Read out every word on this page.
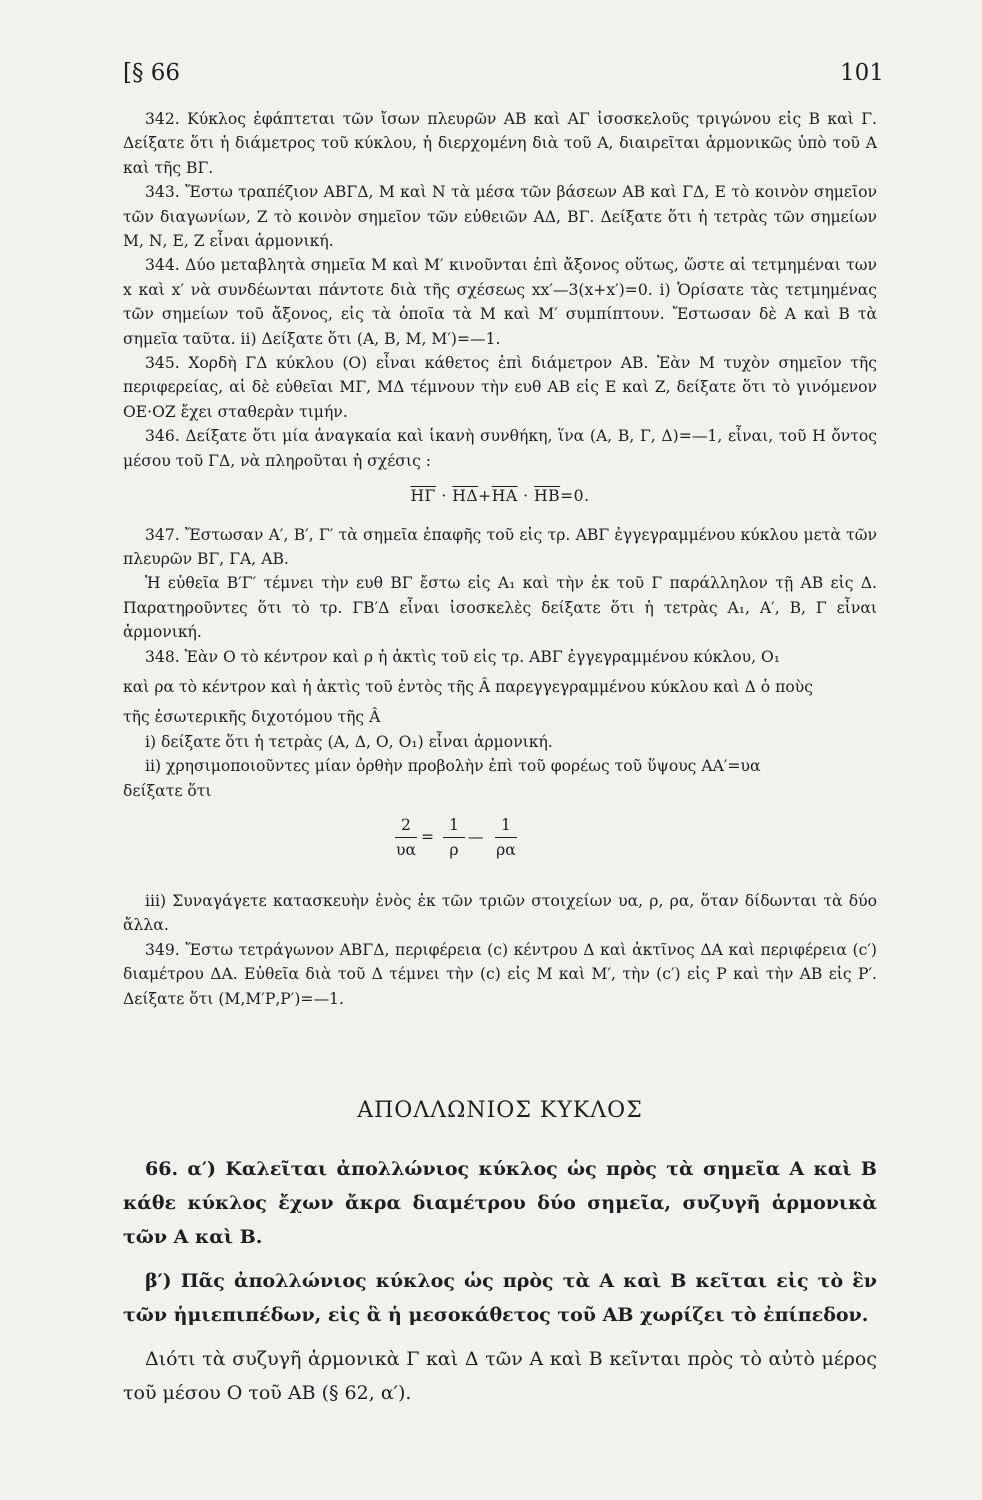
[§ 66	101

342. Κύκλος ἐφάπτεται τῶν ἴσων πλευρῶν ΑΒ καὶ ΑΓ ἰσοσκελοῦς τριγώνου εἰς Β καὶ Γ. Δείξατε ὅτι ἡ διάμετρος τοῦ κύκλου, ἡ διερχομένη διὰ τοῦ Α, διαιρεῖται ἁρμονικῶς ὑπὸ τοῦ Α καὶ τῆς ΒΓ.

343. Ἔστω τραπέζιον ΑΒΓΔ, Μ καὶ Ν τὰ μέσα τῶν βάσεων ΑΒ καὶ ΓΔ, Ε τὸ κοινὸν σημεῖον τῶν διαγωνίων, Ζ τὸ κοινὸν σημεῖον τῶν εὐθειῶν ΑΔ, ΒΓ. Δείξατε ὅτι ἡ τετρὰς τῶν σημείων Μ, Ν, Ε, Ζ εἶναι ἁρμονική.

344. Δύο μεταβλητὰ σημεῖα Μ καὶ Μ′ κινοῦνται ἐπὶ ἄξονος οὕτως, ὥστε αἱ τετμημέναι των x καὶ x′ νὰ συνδέωνται πάντοτε διὰ τῆς σχέσεως xx′—3(x+x′)=0. i) Ὁρίσατε τὰς τετμημένας τῶν σημείων τοῦ ἄξονος, εἰς τὰ ὁποῖα τὰ Μ καὶ Μ′ συμπίπτουν. Ἔστωσαν δὲ Α καὶ Β τὰ σημεῖα ταῦτα. ii) Δείξατε ὅτι (Α, Β, Μ, Μ′)=—1.

345. Χορδὴ ΓΔ κύκλου (Ο) εἶναι κάθετος ἐπὶ διάμετρον ΑΒ. Ἐὰν Μ τυχὸν σημεῖον τῆς περιφερείας, αἱ δὲ εὐθεῖαι ΜΓ, ΜΔ τέμνουν τὴν ευθ ΑΒ εἰς Ε καὶ Ζ, δείξατε ὅτι τὸ γινόμενον ΟΕ·ΟΖ ἔχει σταθερὰν τιμήν.

346. Δείξατε ὅτι μία ἀναγκαία καὶ ἱκανὴ συνθήκη, ἵνα (Α, Β, Γ, Δ)=—1, εἶναι, τοῦ Η ὄντος μέσου τοῦ ΓΔ, νὰ πληροῦται ἡ σχέσις :

$\overline{H\Gamma} \cdot \overline{H\Delta}+\overline{HA} \cdot \overline{HB}=0$.

347. Ἔστωσαν Α′, Β′, Γ′ τὰ σημεῖα ἐπαφῆς τοῦ εἰς τρ. ΑΒΓ ἐγγεγραμμένου κύκλου μετὰ τῶν πλευρῶν ΒΓ, ΓΑ, ΑΒ.

Ἡ εὐθεῖα Β′Γ′ τέμνει τὴν ευθ ΒΓ ἔστω εἰς Α₁ καὶ τὴν ἐκ τοῦ Γ παράλληλον τῇ ΑΒ εἰς Δ. Παρατηροῦντες ὅτι τὸ τρ. ΓΒ′Δ εἶναι ἰσοσκελὲς δείξατε ὅτι ἡ τετρὰς Α₁, Α′, Β, Γ εἶναι ἁρμονική.

348. Ἐὰν Ο τὸ κέντρον καὶ ρ ἡ ἀκτὶς τοῦ εἰς τρ. ΑΒΓ ἐγγεγραμμένου κύκλου, Ο₁

καὶ ρα τὸ κέντρον καὶ ἡ ἀκτὶς τοῦ ἐντὸς τῆς Â παρεγγεγραμμένου κύκλου καὶ Δ ὁ ποὺς

τῆς ἐσωτερικῆς διχοτόμου τῆς Â

i) δείξατε ὅτι ἡ τετρὰς (Α, Δ, Ο, Ο₁) εἶναι ἁρμονική.

ii) χρησιμοποιοῦντες μίαν ὀρθὴν προβολὴν ἐπὶ τοῦ φορέως τοῦ ὕψους ΑΑ′=υα

δείξατε ὅτι

$\frac{2}{\upsilon\alpha} = \frac{1}{\rho}$ — $\frac{1}{\rho\alpha}$

iii) Συναγάγετε κατασκευὴν ἑνὸς ἐκ τῶν τριῶν στοιχείων υα, ρ, ρα, ὅταν δίδωνται τὰ δύο ἄλλα.

349. Ἔστω τετράγωνον ΑΒΓΔ, περιφέρεια (c) κέντρου Δ καὶ ἀκτῖνος ΔΑ καὶ περιφέρεια (c′) διαμέτρου ΔΑ. Εὐθεῖα διὰ τοῦ Δ τέμνει τὴν (c) εἰς Μ καὶ Μ′, τὴν (c′) εἰς Ρ καὶ τὴν ΑΒ εἰς Ρ′. Δείξατε ὅτι (Μ,Μ′Ρ,Ρ′)=—1.

ΑΠΟΛΛΩΝΙΟΣ ΚΥΚΛΟΣ

66. α′) Καλεῖται ἀπολλώνιος κύκλος ὡς πρὸς τὰ σημεῖα Α καὶ Β κάθε κύκλος ἔχων ἄκρα διαμέτρου δύο σημεῖα, συζυγῆ ἁρμονικὰ τῶν Α καὶ Β.

β′) Πᾶς ἀπολλώνιος κύκλος ὡς πρὸς τὰ Α καὶ Β κεῖται εἰς τὸ ἓν τῶν ἡμιεπιπέδων, εἰς ἃ ἡ μεσοκάθετος τοῦ ΑΒ χωρίζει τὸ ἐπίπεδον.

Διότι τὰ συζυγῆ ἁρμονικὰ Γ καὶ Δ τῶν Α καὶ Β κεῖνται πρὸς τὸ αὐτὸ μέρος τοῦ μέσου Ο τοῦ ΑΒ (§ 62, α′).
